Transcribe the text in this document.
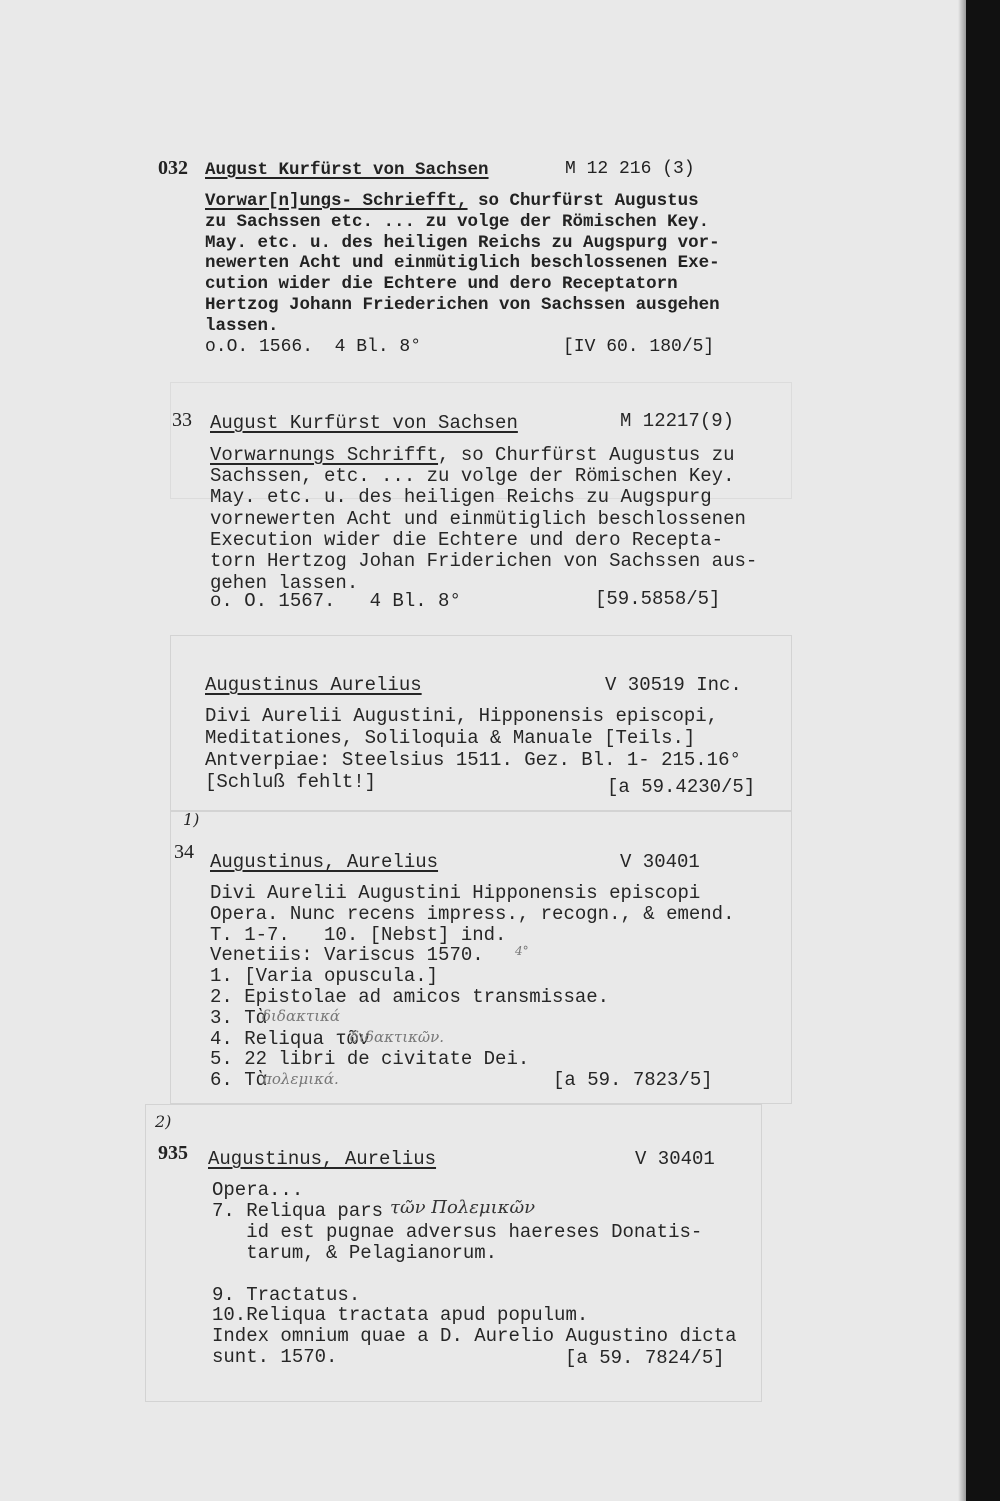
032 August Kurfürst von Sachsen	M 12 216 (3)
Vorwar[n]ungs- Schriefft, so Churfürst Augustus
zu Sachssen etc. ... zu volge der Römischen Key.
May. etc. u. des heiligen Reichs zu Augspurg vor-
newerten Acht und einmütiglich beschlossenen Exe-
cution wider die Echtere und dero Receptatorn
Hertzog Johann Friederichen von Sachssen ausgehen
lassen.
o.O. 1566.  4 Bl. 8°	[IV 60. 180/5]
33 August Kurfürst von Sachsen	M 12217(9)
Vorwarnungs Schrifft, so Churfürst Augustus zu
Sachssen, etc. ... zu volge der Römischen Key.
May. etc. u. des heiligen Reichs zu Augspurg
vornewerten Acht und einmütiglich beschlossenen
Execution wider die Echtere und dero Recepta-
torn Hertzog Johan Friderichen von Sachssen aus-
gehen lassen.
o. O. 1567.   4 Bl. 8°	[59.5858/5]
Augustinus Aurelius	V 30519 Inc.
Divi Aurelii Augustini, Hipponensis episcopi,
Meditationes, Soliloquia & Manuale [Teils.]
Antverpiae: Steelsius 1511. Gez. Bl. 1- 215.16°
[Schluß fehlt!]	[a 59.4230/5]
1)
34 Augustinus, Aurelius	V 30401
Divi Aurelii Augustini Hipponensis episcopi
Opera. Nunc recens impress., recogn., & emend.
T. 1-7.   10. [Nebst] ind.
Venetiis: Variscus 1570.
1. [Varia opuscula.]
2. Epistolae ad amicos transmissae.
3. Τὰ
4. Reliqua τῶν
5. 22 libri de civitate Dei.
6. Τὰ
4°
διδακτικά
διδακτικῶν.
πολεμικά.	[a 59. 7823/5]
2)
935 Augustinus, Aurelius	V 30401
Opera...
7. Reliqua pars
id est pugnae adversus haereses Donatis-
tarum, & Pelagianorum.
9. Tractatus.
10.Reliqua tractata apud populum.
Index omnium quae a D. Aurelio Augustino dicta
sunt. 1570.
τῶν Πολεμικῶν
[a 59. 7824/5]
